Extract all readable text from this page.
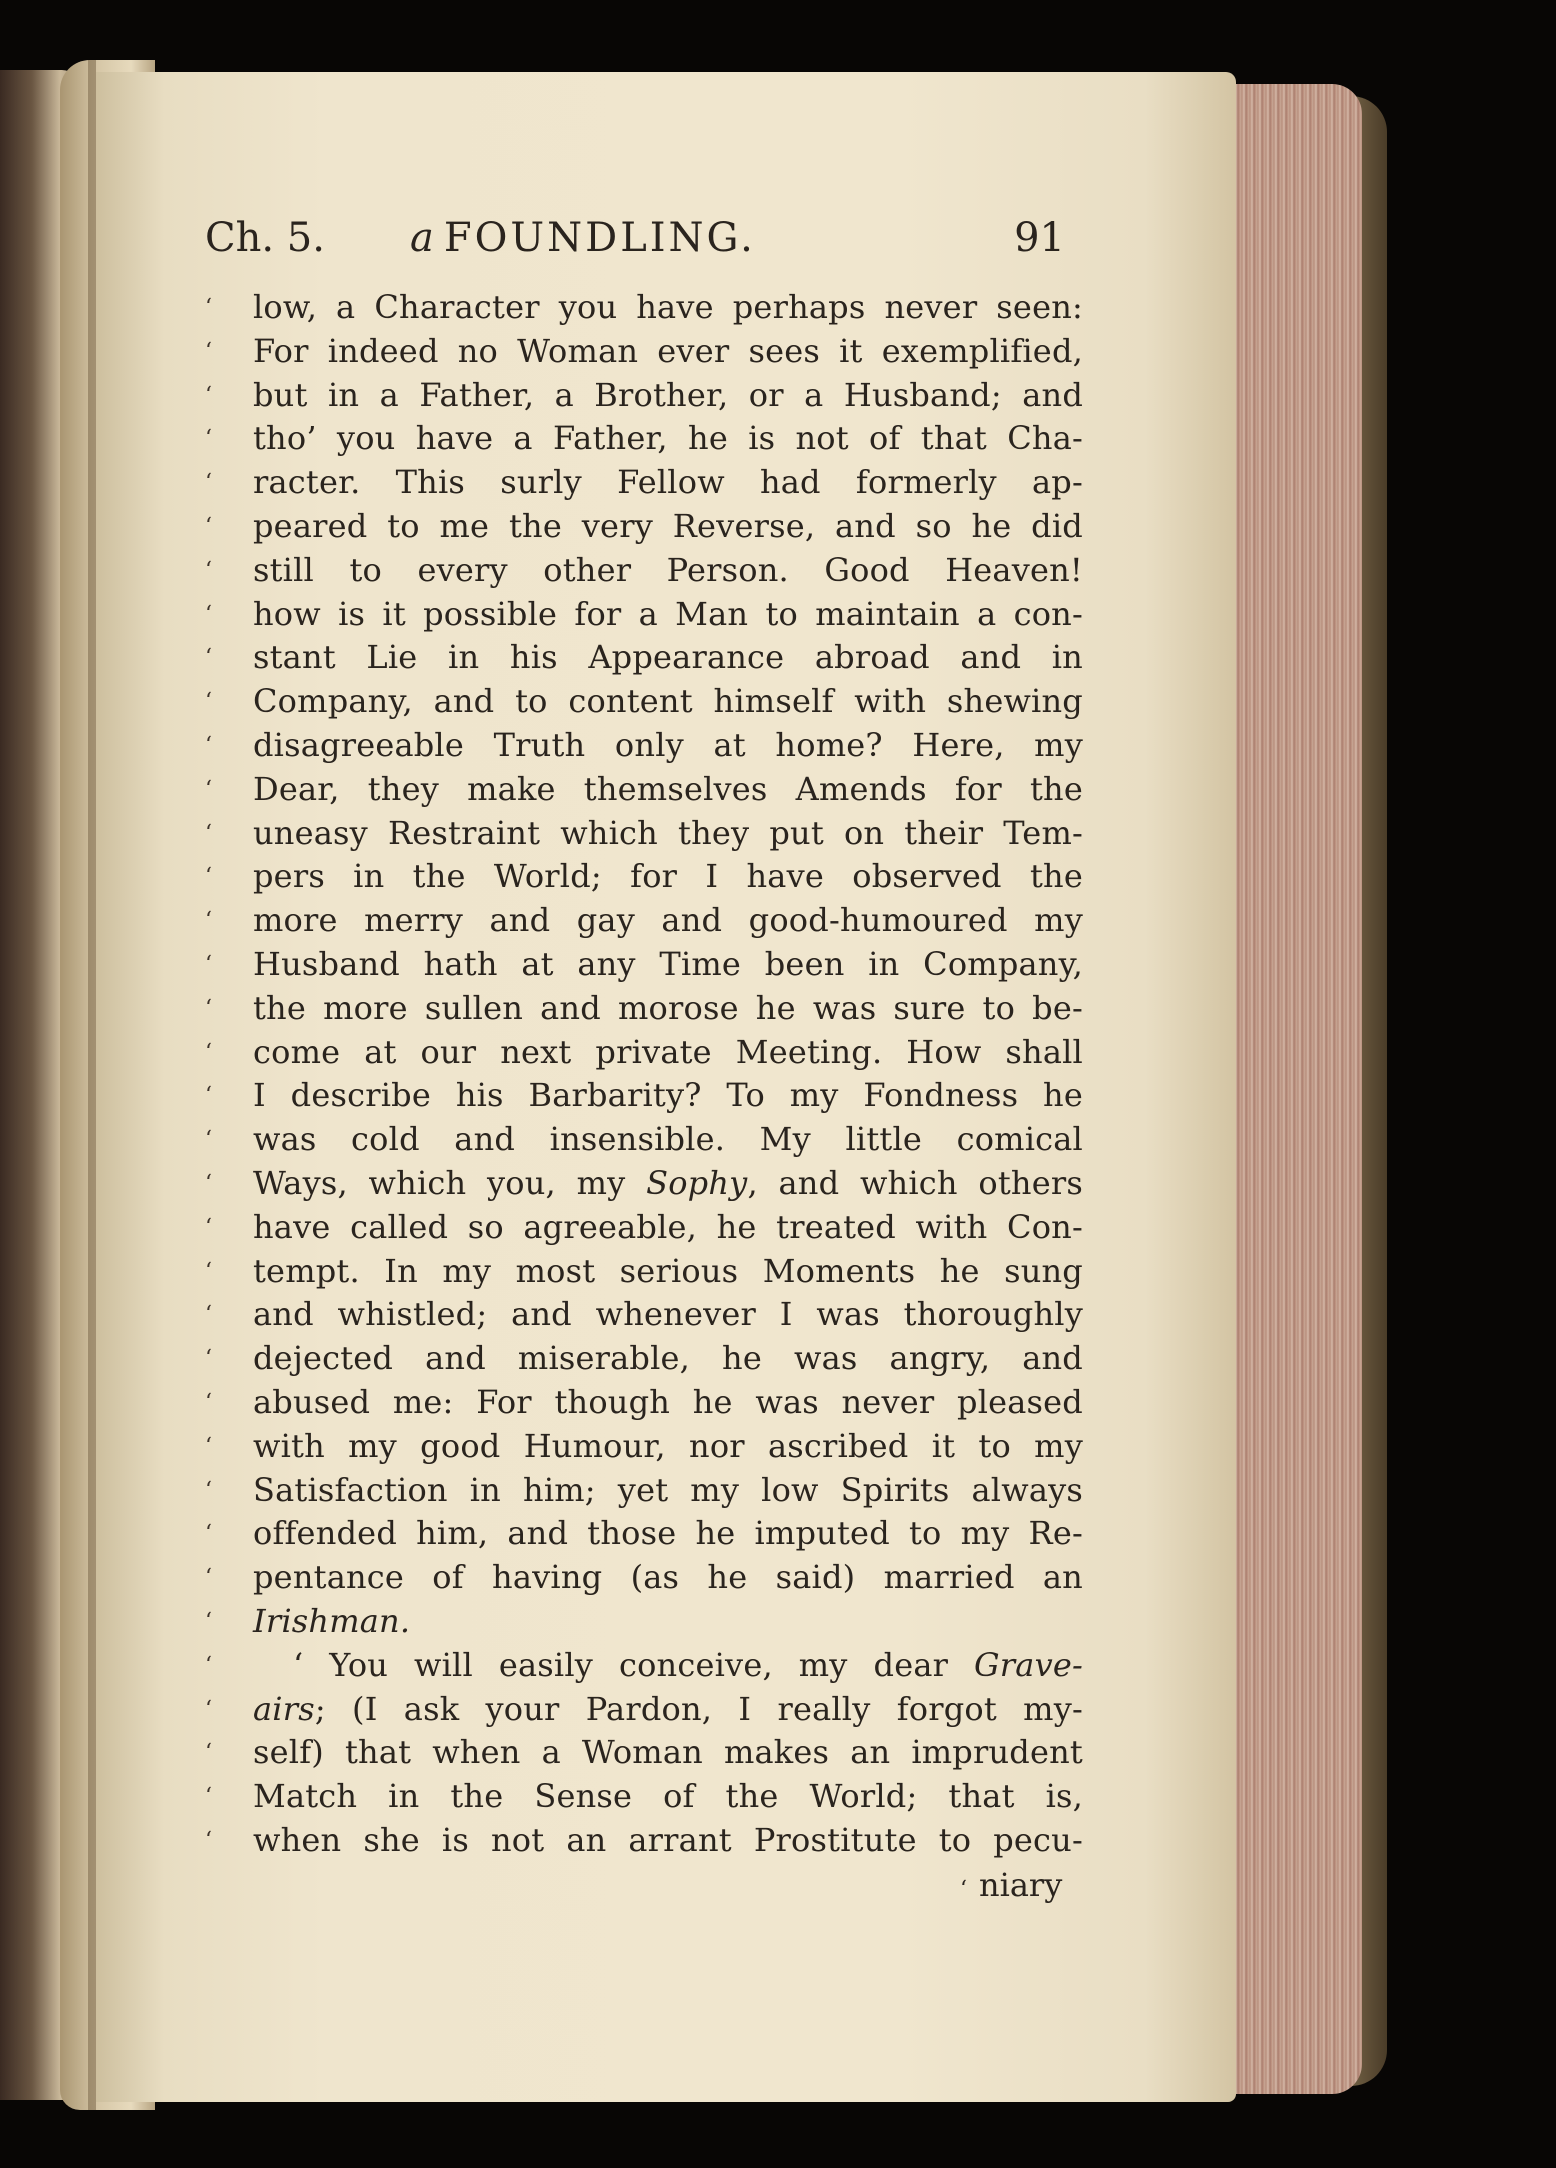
Ch. 5. a FOUNDLING.	91
‘	low, a Character you have perhaps never seen:
‘	For indeed no Woman ever sees it exemplified,
‘	but in a Father, a Brother, or a Husband; and
‘	tho’ you have a Father, he is not of that Cha-
‘	racter. This surly Fellow had formerly ap-
‘	peared to me the very Reverse, and so he did
‘	still to every other Person. Good Heaven!
‘	how is it possible for a Man to maintain a con-
‘	stant Lie in his Appearance abroad and in
‘	Company, and to content himself with shewing
‘	disagreeable Truth only at home? Here, my
‘	Dear, they make themselves Amends for the
‘	uneasy Restraint which they put on their Tem-
‘	pers in the World; for I have observed the
‘	more merry and gay and good-humoured my
‘	Husband hath at any Time been in Company,
‘	the more sullen and morose he was sure to be-
‘	come at our next private Meeting. How shall
‘	I describe his Barbarity? To my Fondness he
‘	was cold and insensible. My little comical
‘	Ways, which you, my Sophy, and which others
‘	have called so agreeable, he treated with Con-
‘	tempt. In my most serious Moments he sung
‘	and whistled; and whenever I was thoroughly
‘	dejected and miserable, he was angry, and
‘	abused me: For though he was never pleased
‘	with my good Humour, nor ascribed it to my
‘	Satisfaction in him; yet my low Spirits always
‘	offended him, and those he imputed to my Re-
‘	pentance of having (as he said) married an
‘	Irishman.
‘	‘ You will easily conceive, my dear Grave-
‘	airs; (I ask your Pardon, I really forgot my-
‘	self) that when a Woman makes an imprudent
‘	Match in the Sense of the World; that is,
‘	when she is not an arrant Prostitute to pecu-
‘ niary
